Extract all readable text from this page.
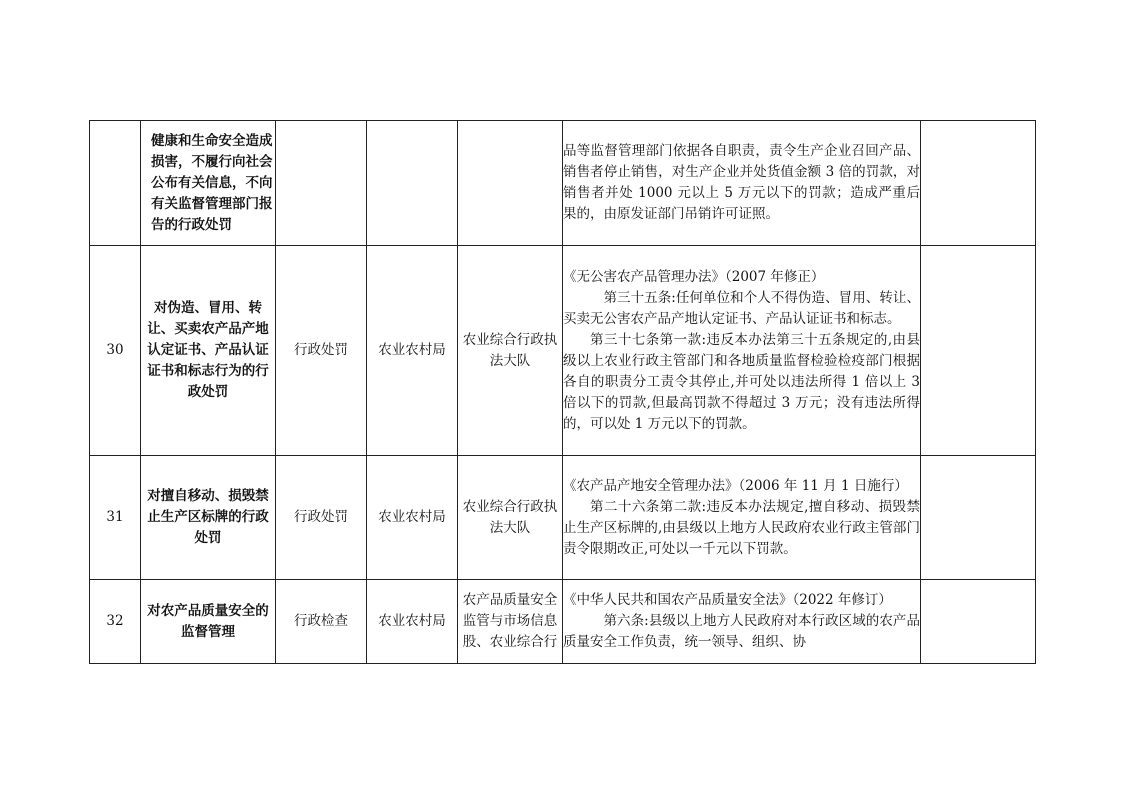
	健康和生命安全造成损害，不履行向社会公布有关信息，不向有关监督管理部门报告的行政处罚				品等监督管理部门依据各自职责，责令生产企业召回产品、销售者停止销售，对生产企业并处货值金额 3 倍的罚款，对销售者并处 1000 元以上 5 万元以下的罚款；造成严重后果的，由原发证部门吊销许可证照。	

30	对伪造、冒用、转让、买卖农产品产地认定证书、产品认证证书和标志行为的行政处罚	行政处罚	农业农村局	农业综合行政执法大队	《无公害农产品管理办法》（2007 年修正）

第三十五条:任何单位和个人不得伪造、冒用、转让、买卖无公害农产品产地认定证书、产品认证证书和标志。

第三十七条第一款:违反本办法第三十五条规定的,由县级以上农业行政主管部门和各地质量监督检验检疫部门根据各自的职责分工责令其停止,并可处以违法所得 1 倍以上 3 倍以下的罚款,但最高罚款不得超过 3 万元；没有违法所得的，可以处 1 万元以下的罚款。	

31	对擅自移动、损毁禁止生产区标牌的行政处罚	行政处罚	农业农村局	农业综合行政执法大队	《农产品产地安全管理办法》（2006 年 11 月 1 日施行）

第二十六条第二款:违反本办法规定,擅自移动、损毁禁止生产区标牌的,由县级以上地方人民政府农业行政主管部门责令限期改正,可处以一千元以下罚款。	

32	对农产品质量安全的监督管理	行政检查	农业农村局	农产品质量安全监管与市场信息股、农业综合行	《中华人民共和国农产品质量安全法》（2022 年修订）

第六条:县级以上地方人民政府对本行政区域的农产品质量安全工作负责，统一领导、组织、协	
